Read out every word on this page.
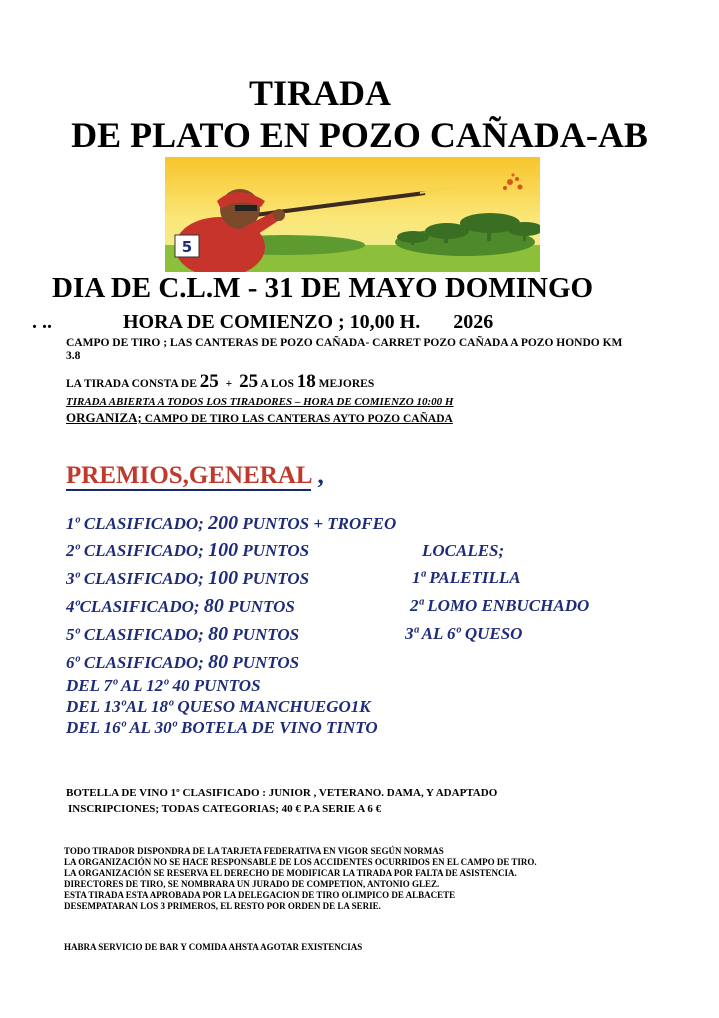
TIRADA
DE PLATO EN POZO CAÑADA-AB
5
DIA DE C.L.M - 31 DE MAYO DOMINGO
. ..	HORA DE COMIENZO ; 10,00 H. 2026
CAMPO DE TIRO ; LAS CANTERAS DE POZO CAÑADA- CARRET POZO CAÑADA A POZO HONDO KM 3.8
LA TIRADA CONSTA DE 25 + 25 A LOS 18 MEJORES
TIRADA ABIERTA A TODOS LOS TIRADORES – HORA DE COMIENZO 10:00 H
ORGANIZA; CAMPO DE TIRO LAS CANTERAS AYTO POZO CAÑADA
PREMIOS,GENERAL ,
1º CLASIFICADO; 200 PUNTOS + TROFEO
2º CLASIFICADO; 100 PUNTOS
3º CLASIFICADO; 100 PUNTOS
4ºCLASIFICADO; 80 PUNTOS
5º CLASIFICADO; 80 PUNTOS
6º CLASIFICADO; 80 PUNTOS
DEL 7º AL 12º 40 PUNTOS
DEL 13ºAL 18º QUESO MANCHUEGO1K
DEL 16º AL 30º BOTELA DE VINO TINTO
LOCALES;
1ª PALETILLA
2ª LOMO ENBUCHADO
3ª AL 6º QUESO
BOTELLA DE VINO 1º CLASIFICADO : JUNIOR , VETERANO. DAMA, Y ADAPTADO
INSCRIPCIONES; TODAS CATEGORIAS; 40 € P.A SERIE A 6 €
TODO TIRADOR DISPONDRA DE LA TARJETA FEDERATIVA EN VIGOR SEGÚN NORMAS
LA ORGANIZACIÓN NO SE HACE RESPONSABLE DE LOS ACCIDENTES OCURRIDOS EN EL CAMPO DE TIRO.
LA ORGANIZACIÓN SE RESERVA EL DERECHO DE MODIFICAR LA TIRADA POR FALTA DE ASISTENCIA.
DIRECTORES DE TIRO, SE NOMBRARA UN JURADO DE COMPETION, ANTONIO GLEZ.
ESTA TIRADA ESTA APROBADA POR LA DELEGACION DE TIRO OLIMPICO DE ALBACETE
DESEMPATARAN LOS 3 PRIMEROS, EL RESTO POR ORDEN DE LA SERIE.
HABRA SERVICIO DE BAR Y COMIDA AHSTA AGOTAR EXISTENCIAS
